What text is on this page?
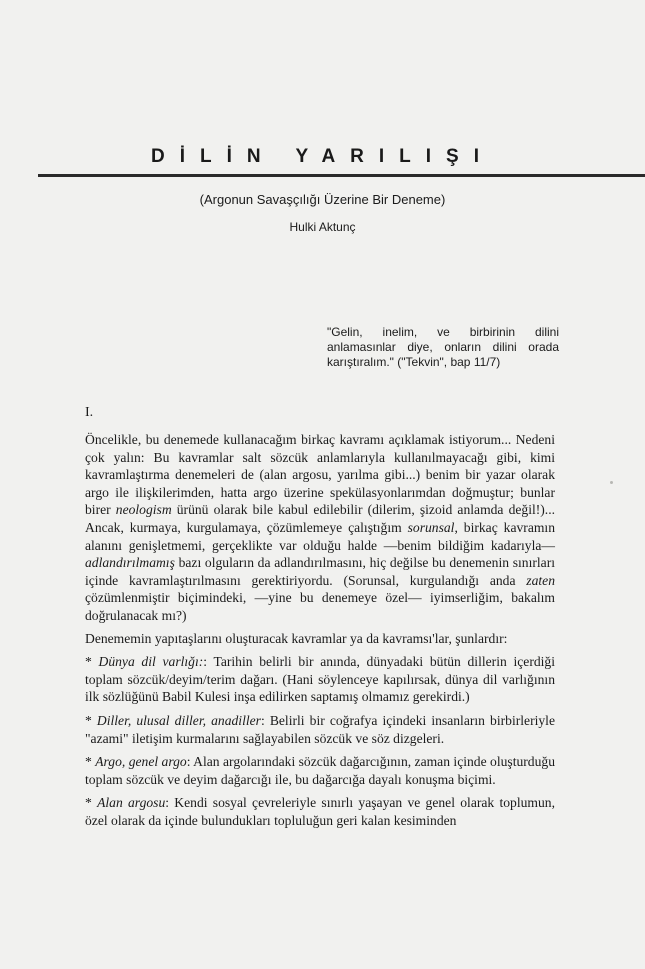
DİLİN YARILIŞI
(Argonun Savaşçılığı Üzerine Bir Deneme)
Hulki Aktunç
"Gelin, inelim, ve birbirinin dilini anlamasınlar diye, onların dilini orada karıştıralım." ("Tekvin", bap 11/7)
I.

Öncelikle, bu denemede kullanacağım birkaç kavramı açıklamak istiyorum... Nedeni çok yalın: Bu kavramlar salt sözcük anlamlarıyla kullanılmayacağı gibi, kimi kavramlaştırma denemeleri de (alan argosu, yarılma gibi...) benim bir yazar olarak argo ile ilişkilerimden, hatta argo üzerine spekülasyonlarımdan doğmuştur; bunlar birer neologism ürünü olarak bile kabul edilebilir (dilerim, şizoid anlamda değil!)... Ancak, kurmaya, kurgulamaya, çözümlemeye çalıştığım sorunsal, birkaç kavramın alanını genişletmemi, gerçeklikte var olduğu halde —benim bildiğim kadarıyla— adlandırılmamış bazı olguların da adlandırılmasını, hiç değilse bu denemenin sınırları içinde kavramlaştırılmasını gerektiriyordu. (Sorunsal, kurgulandığı anda zaten çözümlenmiştir biçimindeki, —yine bu denemeye özel— iyimserliğim, bakalım doğrulanacak mı?)

Denememin yapıtaşlarını oluşturacak kavramlar ya da kavramsı'lar, şunlardır:

* Dünya dil varlığı:: Tarihin belirli bir anında, dünyadaki bütün dillerin içerdiği toplam sözcük/deyim/terim dağarı. (Hani söylenceye kapılırsak, dünya dil varlığının ilk sözlüğünü Babil Kulesi inşa edilirken saptamış olmamız gerekirdi.)

* Diller, ulusal diller, anadiller: Belirli bir coğrafya içindeki insanların birbirleriyle "azami" iletişim kurmalarını sağlayabilen sözcük ve söz dizgeleri.

* Argo, genel argo: Alan argolarındaki sözcük dağarcığının, zaman içinde oluşturduğu toplam sözcük ve deyim dağarcığı ile, bu dağarcığa dayalı konuşma biçimi.

* Alan argosu: Kendi sosyal çevreleriyle sınırlı yaşayan ve genel olarak toplumun, özel olarak da içinde bulundukları topluluğun geri kalan kesiminden
